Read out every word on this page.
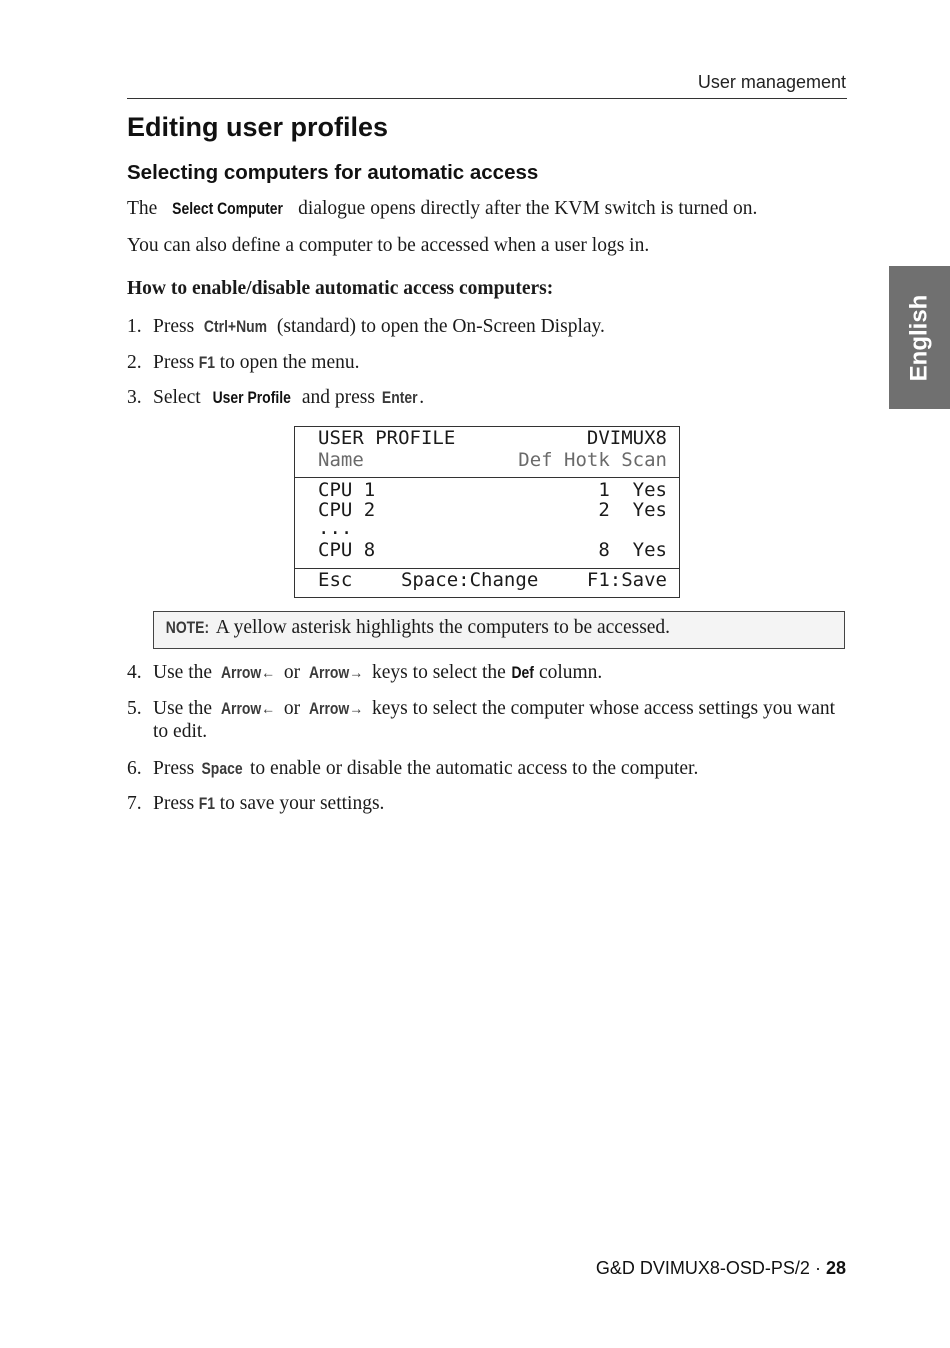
User management
English
Editing user profiles
Selecting computers for automatic access

The Select Computer dialogue opens directly after the KVM switch is turned on.

You can also define a computer to be accessed when a user logs in.

How to enable/disable automatic access computers:

1. Press Ctrl+Num (standard) to open the On-Screen Display.
2. Press F1 to open the menu.
3. Select User Profile and press Enter.
USER PROFILE	DVIMUX8
Name	Def Hotk Scan
CPU 1	1 Yes
CPU 2	2 Yes
...
CPU 8	8 Yes
Esc	Space:Change	F1:Save
NOTE: A yellow asterisk highlights the computers to be accessed.
4. Use the Arrow← or Arrow→ keys to select the Def column.
5. Use the Arrow← or Arrow→ keys to select the computer whose access settings you want to edit.
6. Press Space to enable or disable the automatic access to the computer.
7. Press F1 to save your settings.
G&D DVIMUX8-OSD-PS/2 · 28
